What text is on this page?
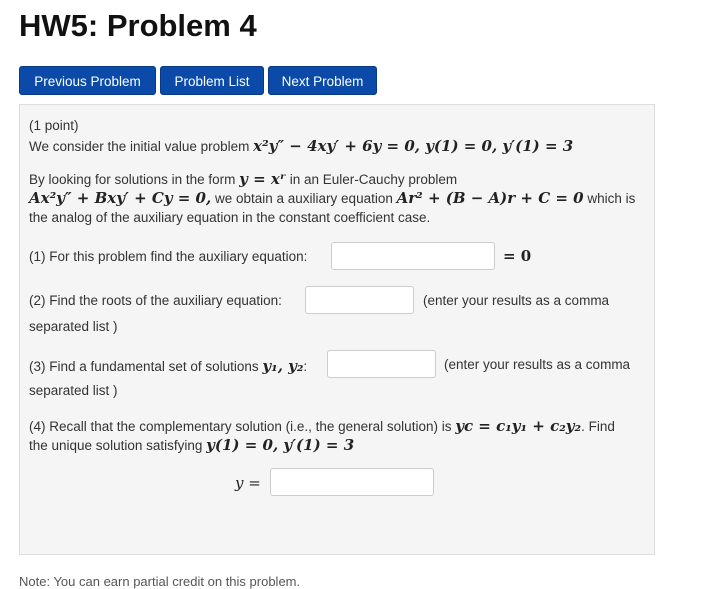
HW5: Problem 4
Previous Problem	Problem List	Next Problem
(1 point)
We consider the initial value problem x²y″ − 4xy′ + 6y = 0, y(1) = 0, y′(1) = 3
By looking for solutions in the form y = xʳ in an Euler-Cauchy problem
Ax²y″ + Bxy′ + Cy = 0, we obtain a auxiliary equation Ar² + (B − A)r + C = 0 which is
the analog of the auxiliary equation in the constant coefficient case.
(1) For this problem find the auxiliary equation:	= 0
(2) Find the roots of the auxiliary equation:	(enter your results as a comma
separated list )
(3) Find a fundamental set of solutions y₁, y₂:	(enter your results as a comma
separated list )
(4) Recall that the complementary solution (i.e., the general solution) is yc = c₁y₁ + c₂y₂. Find
the unique solution satisfying y(1) = 0, y′(1) = 3
y =
Note: You can earn partial credit on this problem.
